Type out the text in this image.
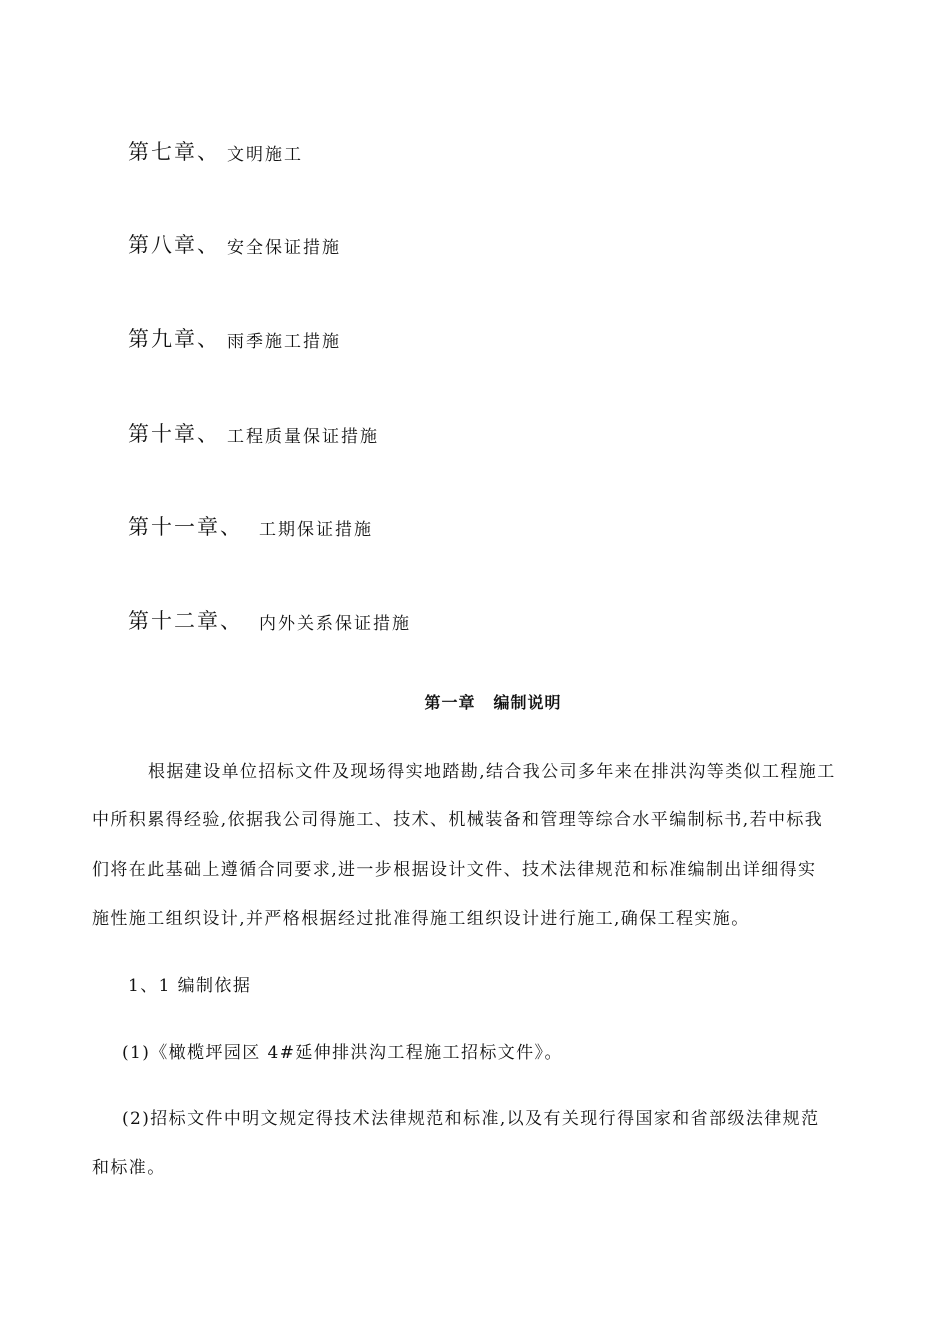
第七章、 文明施工
第八章、 安全保证措施
第九章、 雨季施工措施
第十章、 工程质量保证措施
第十一章、 工期保证措施
第十二章、 内外关系保证措施
第一章 编制说明
根据建设单位招标文件及现场得实地踏勘,结合我公司多年来在排洪沟等类似工程施工
中所积累得经验,依据我公司得施工、技术、机械装备和管理等综合水平编制标书,若中标我
们将在此基础上遵循合同要求,进一步根据设计文件、技术法律规范和标准编制出详细得实
施性施工组织设计,并严格根据经过批准得施工组织设计进行施工,确保工程实施。
1、1 编制依据
(1)《橄榄坪园区 4#延伸排洪沟工程施工招标文件》。
(2)招标文件中明文规定得技术法律规范和标准,以及有关现行得国家和省部级法律规范
和标准。
